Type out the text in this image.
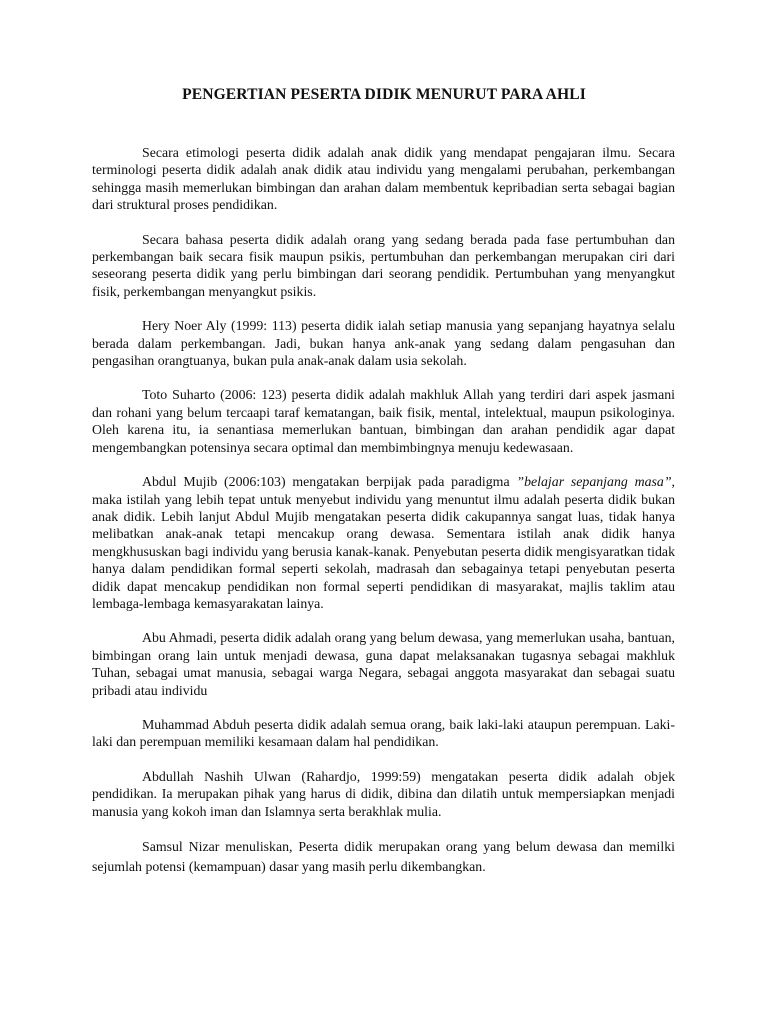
PENGERTIAN PESERTA DIDIK MENURUT PARA AHLI

Secara etimologi peserta didik adalah anak didik yang mendapat pengajaran ilmu. Secara terminologi peserta didik adalah anak didik atau individu yang mengalami perubahan, perkembangan sehingga masih memerlukan bimbingan dan arahan dalam membentuk kepribadian serta sebagai bagian dari struktural proses pendidikan.

Secara bahasa peserta didik adalah orang yang sedang berada pada fase pertumbuhan dan perkembangan baik secara fisik maupun psikis, pertumbuhan dan perkembangan merupakan ciri dari seseorang peserta didik yang perlu bimbingan dari seorang pendidik. Pertumbuhan yang menyangkut fisik, perkembangan menyangkut psikis.

Hery Noer Aly (1999: 113) peserta didik ialah setiap manusia yang sepanjang hayatnya selalu berada dalam perkembangan. Jadi, bukan hanya ank-anak yang sedang dalam pengasuhan dan pengasihan orangtuanya, bukan pula anak-anak dalam usia sekolah.

Toto Suharto (2006: 123) peserta didik adalah makhluk Allah yang terdiri dari aspek jasmani dan rohani yang belum tercaapi taraf kematangan, baik fisik, mental, intelektual, maupun psikologinya. Oleh karena itu, ia senantiasa memerlukan bantuan, bimbingan dan arahan pendidik agar dapat mengembangkan potensinya secara optimal dan membimbingnya menuju kedewasaan.

Abdul Mujib (2006:103) mengatakan berpijak pada paradigma ”belajar sepanjang masa”, maka istilah yang lebih tepat untuk menyebut individu yang menuntut ilmu adalah peserta didik bukan anak didik. Lebih lanjut Abdul Mujib mengatakan peserta didik cakupannya sangat luas, tidak hanya melibatkan anak-anak tetapi mencakup orang dewasa. Sementara istilah anak didik hanya mengkhususkan bagi individu yang berusia kanak-kanak. Penyebutan peserta didik mengisyaratkan tidak hanya dalam pendidikan formal seperti sekolah, madrasah dan sebagainya tetapi penyebutan peserta didik dapat mencakup pendidikan non formal seperti pendidikan di masyarakat, majlis taklim atau lembaga-lembaga kemasyarakatan lainya.

Abu Ahmadi, peserta didik adalah orang yang belum dewasa, yang memerlukan usaha, bantuan, bimbingan orang lain untuk menjadi dewasa, guna dapat melaksanakan tugasnya sebagai makhluk Tuhan, sebagai umat manusia, sebagai warga Negara, sebagai anggota masyarakat dan sebagai suatu pribadi atau individu

Muhammad Abduh peserta didik adalah semua orang, baik laki-laki ataupun perempuan. Laki-laki dan perempuan memiliki kesamaan dalam hal pendidikan.

Abdullah Nashih Ulwan (Rahardjo, 1999:59) mengatakan peserta didik adalah objek pendidikan. Ia merupakan pihak yang harus di didik, dibina dan dilatih untuk mempersiapkan menjadi manusia yang kokoh iman dan Islamnya serta berakhlak mulia.

Samsul Nizar menuliskan, Peserta didik merupakan orang yang belum dewasa dan memilki sejumlah potensi (kemampuan) dasar yang masih perlu dikembangkan.
